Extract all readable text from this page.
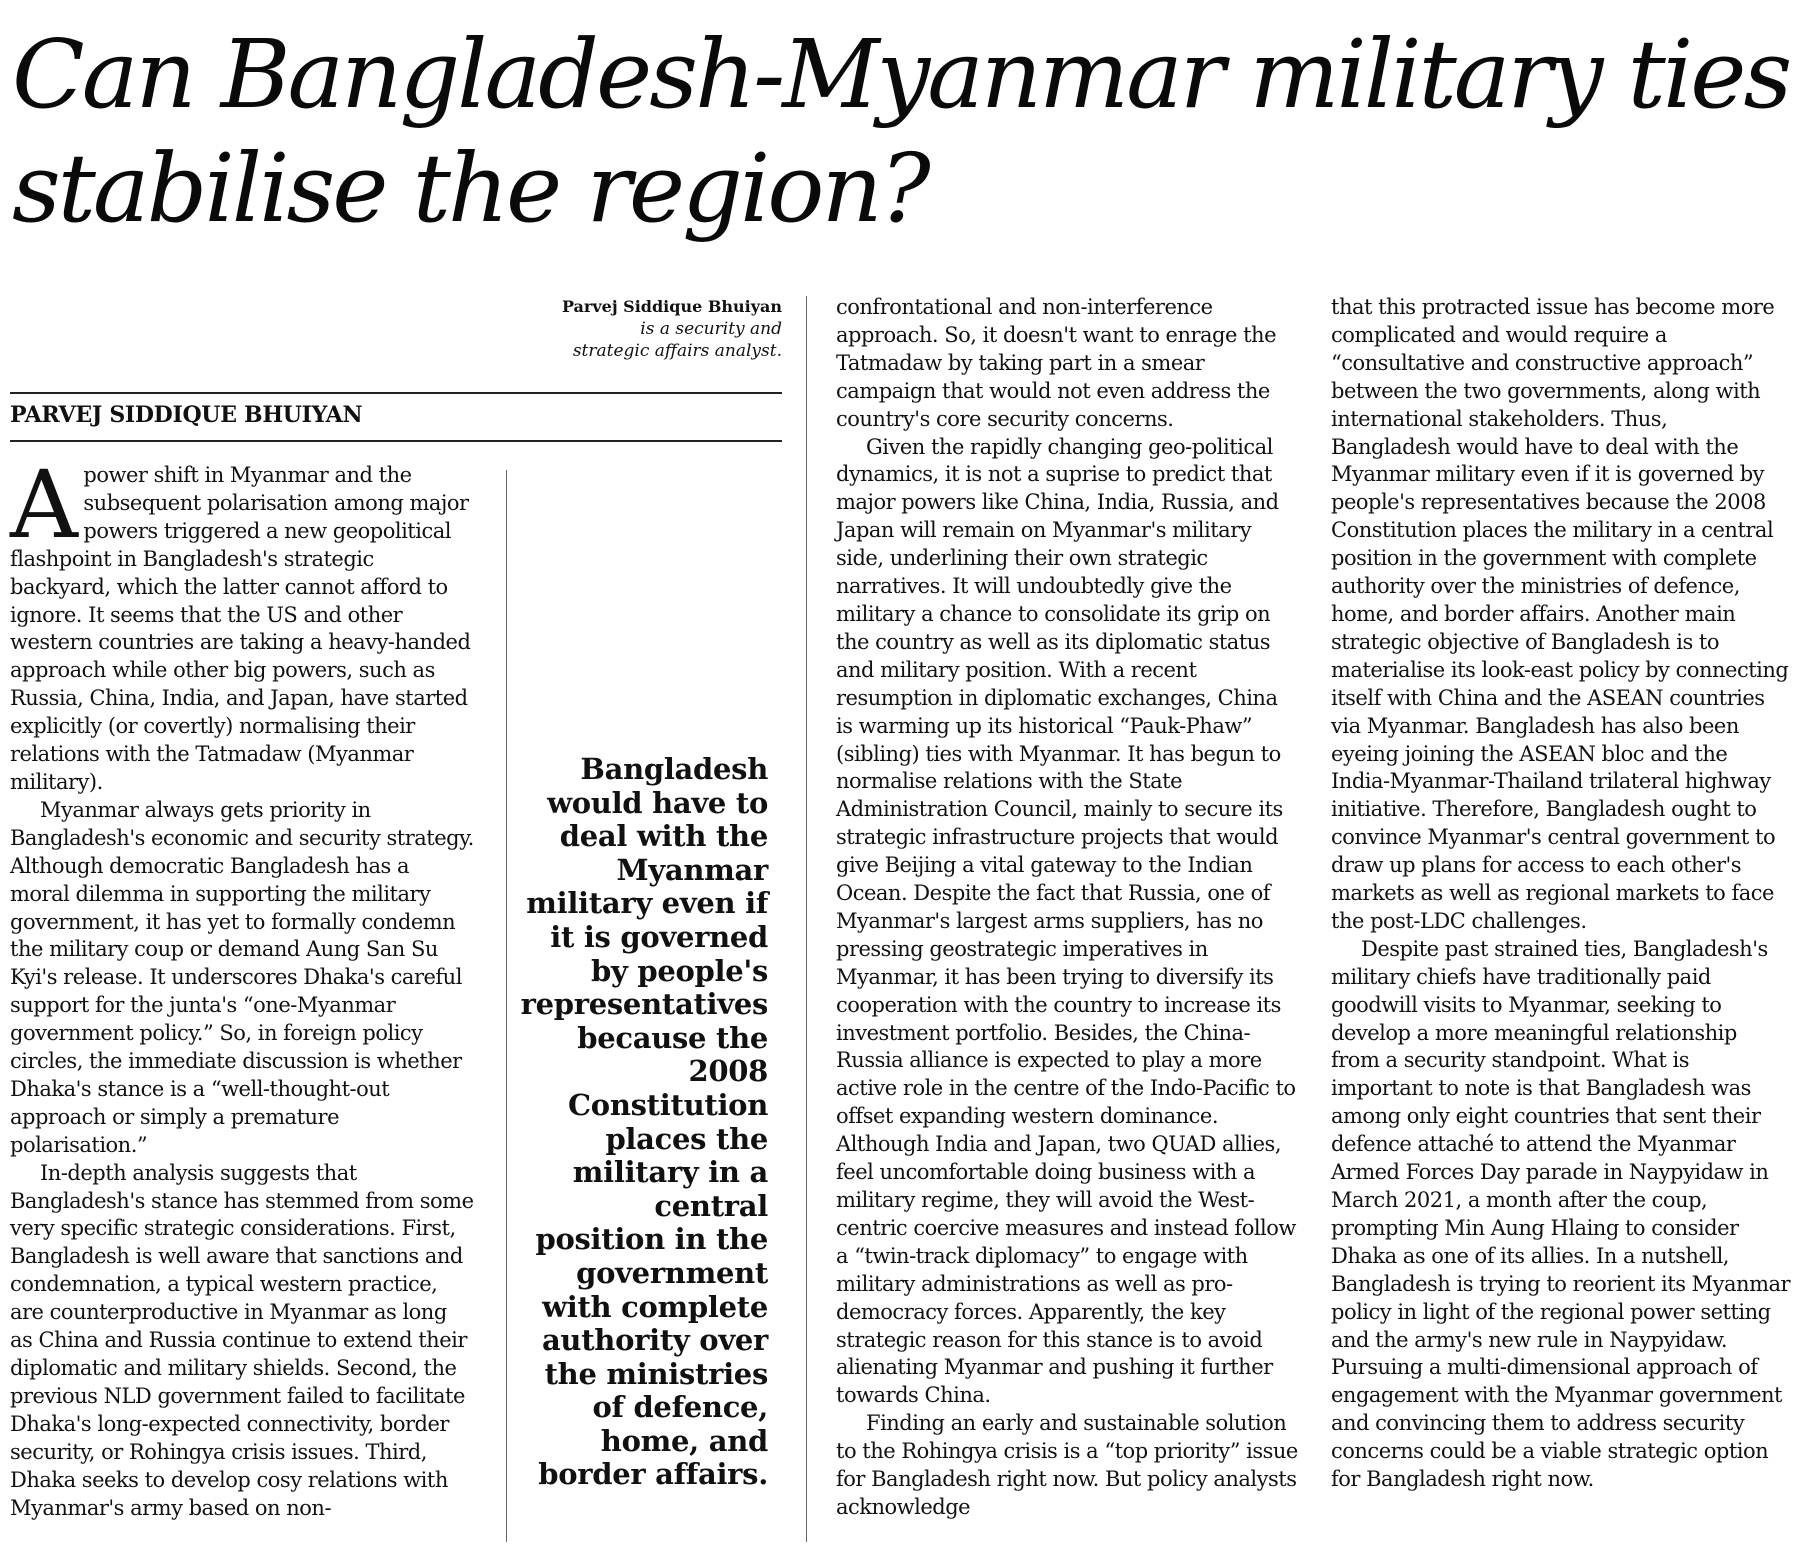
Can Bangladesh-Myanmar military ties stabilise the region?
Parvej Siddique Bhuiyan
is a security and strategic affairs analyst.

PARVEJ SIDDIQUE BHUIYAN

Apower shift in Myanmar and the subsequent polarisation among major powers triggered a new geopolitical flashpoint in Bangladesh's strategic backyard, which the latter cannot afford to ignore. It seems that the US and other western countries are taking a heavy-handed approach while other big powers, such as Russia, China, India, and Japan, have started explicitly (or covertly) normalising their relations with the Tatmadaw (Myanmar military).

Myanmar always gets priority in Bangladesh's economic and security strategy. Although democratic Bangladesh has a moral dilemma in supporting the military government, it has yet to formally condemn the military coup or demand Aung San Su Kyi's release. It underscores Dhaka's careful support for the junta's “one-Myanmar government policy.” So, in foreign policy circles, the immediate discussion is whether Dhaka's stance is a “well-thought-out approach or simply a premature polarisation.”

In-depth analysis suggests that Bangladesh's stance has stemmed from some very specific strategic considerations. First, Bangladesh is well aware that sanctions and condemnation, a typical western practice, are counterproductive in Myanmar as long as China and Russia continue to extend their diplomatic and military shields. Second, the previous NLD government failed to facilitate Dhaka's long-expected connectivity, border security, or Rohingya crisis issues. Third, Dhaka seeks to develop cosy relations with Myanmar's army based on non-

Bangladesh would have to deal with the Myanmar military even if it is governed by people's representatives because the 2008 Constitution places the military in a central position in the government with complete authority over the ministries of defence, home, and border affairs.

confrontational and non-interference approach. So, it doesn't want to enrage the Tatmadaw by taking part in a smear campaign that would not even address the country's core security concerns.

Given the rapidly changing geo-political dynamics, it is not a suprise to predict that major powers like China, India, Russia, and Japan will remain on Myanmar's military side, underlining their own strategic narratives. It will undoubtedly give the military a chance to consolidate its grip on the country as well as its diplomatic status and military position. With a recent resumption in diplomatic exchanges, China is warming up its historical “Pauk-Phaw” (sibling) ties with Myanmar. It has begun to normalise relations with the State Administration Council, mainly to secure its strategic infrastructure projects that would give Beijing a vital gateway to the Indian Ocean. Despite the fact that Russia, one of Myanmar's largest arms suppliers, has no pressing geostrategic imperatives in Myanmar, it has been trying to diversify its cooperation with the country to increase its investment portfolio. Besides, the China-Russia alliance is expected to play a more active role in the centre of the Indo-Pacific to offset expanding western dominance. Although India and Japan, two QUAD allies, feel uncomfortable doing business with a military regime, they will avoid the West-centric coercive measures and instead follow a “twin-track diplomacy” to engage with military administrations as well as pro-democracy forces. Apparently, the key strategic reason for this stance is to avoid alienating Myanmar and pushing it further towards China.

Finding an early and sustainable solution to the Rohingya crisis is a “top priority” issue for Bangladesh right now. But policy analysts acknowledge

that this protracted issue has become more complicated and would require a “consultative and constructive approach” between the two governments, along with international stakeholders. Thus, Bangladesh would have to deal with the Myanmar military even if it is governed by people's representatives because the 2008 Constitution places the military in a central position in the government with complete authority over the ministries of defence, home, and border affairs. Another main strategic objective of Bangladesh is to materialise its look-east policy by connecting itself with China and the ASEAN countries via Myanmar. Bangladesh has also been eyeing joining the ASEAN bloc and the India-Myanmar-Thailand trilateral highway initiative. Therefore, Bangladesh ought to convince Myanmar's central government to draw up plans for access to each other's markets as well as regional markets to face the post-LDC challenges.

Despite past strained ties, Bangladesh's military chiefs have traditionally paid goodwill visits to Myanmar, seeking to develop a more meaningful relationship from a security standpoint. What is important to note is that Bangladesh was among only eight countries that sent their defence attaché to attend the Myanmar Armed Forces Day parade in Naypyidaw in March 2021, a month after the coup, prompting Min Aung Hlaing to consider Dhaka as one of its allies. In a nutshell, Bangladesh is trying to reorient its Myanmar policy in light of the regional power setting and the army's new rule in Naypyidaw. Pursuing a multi-dimensional approach of engagement with the Myanmar government and convincing them to address security concerns could be a viable strategic option for Bangladesh right now.
